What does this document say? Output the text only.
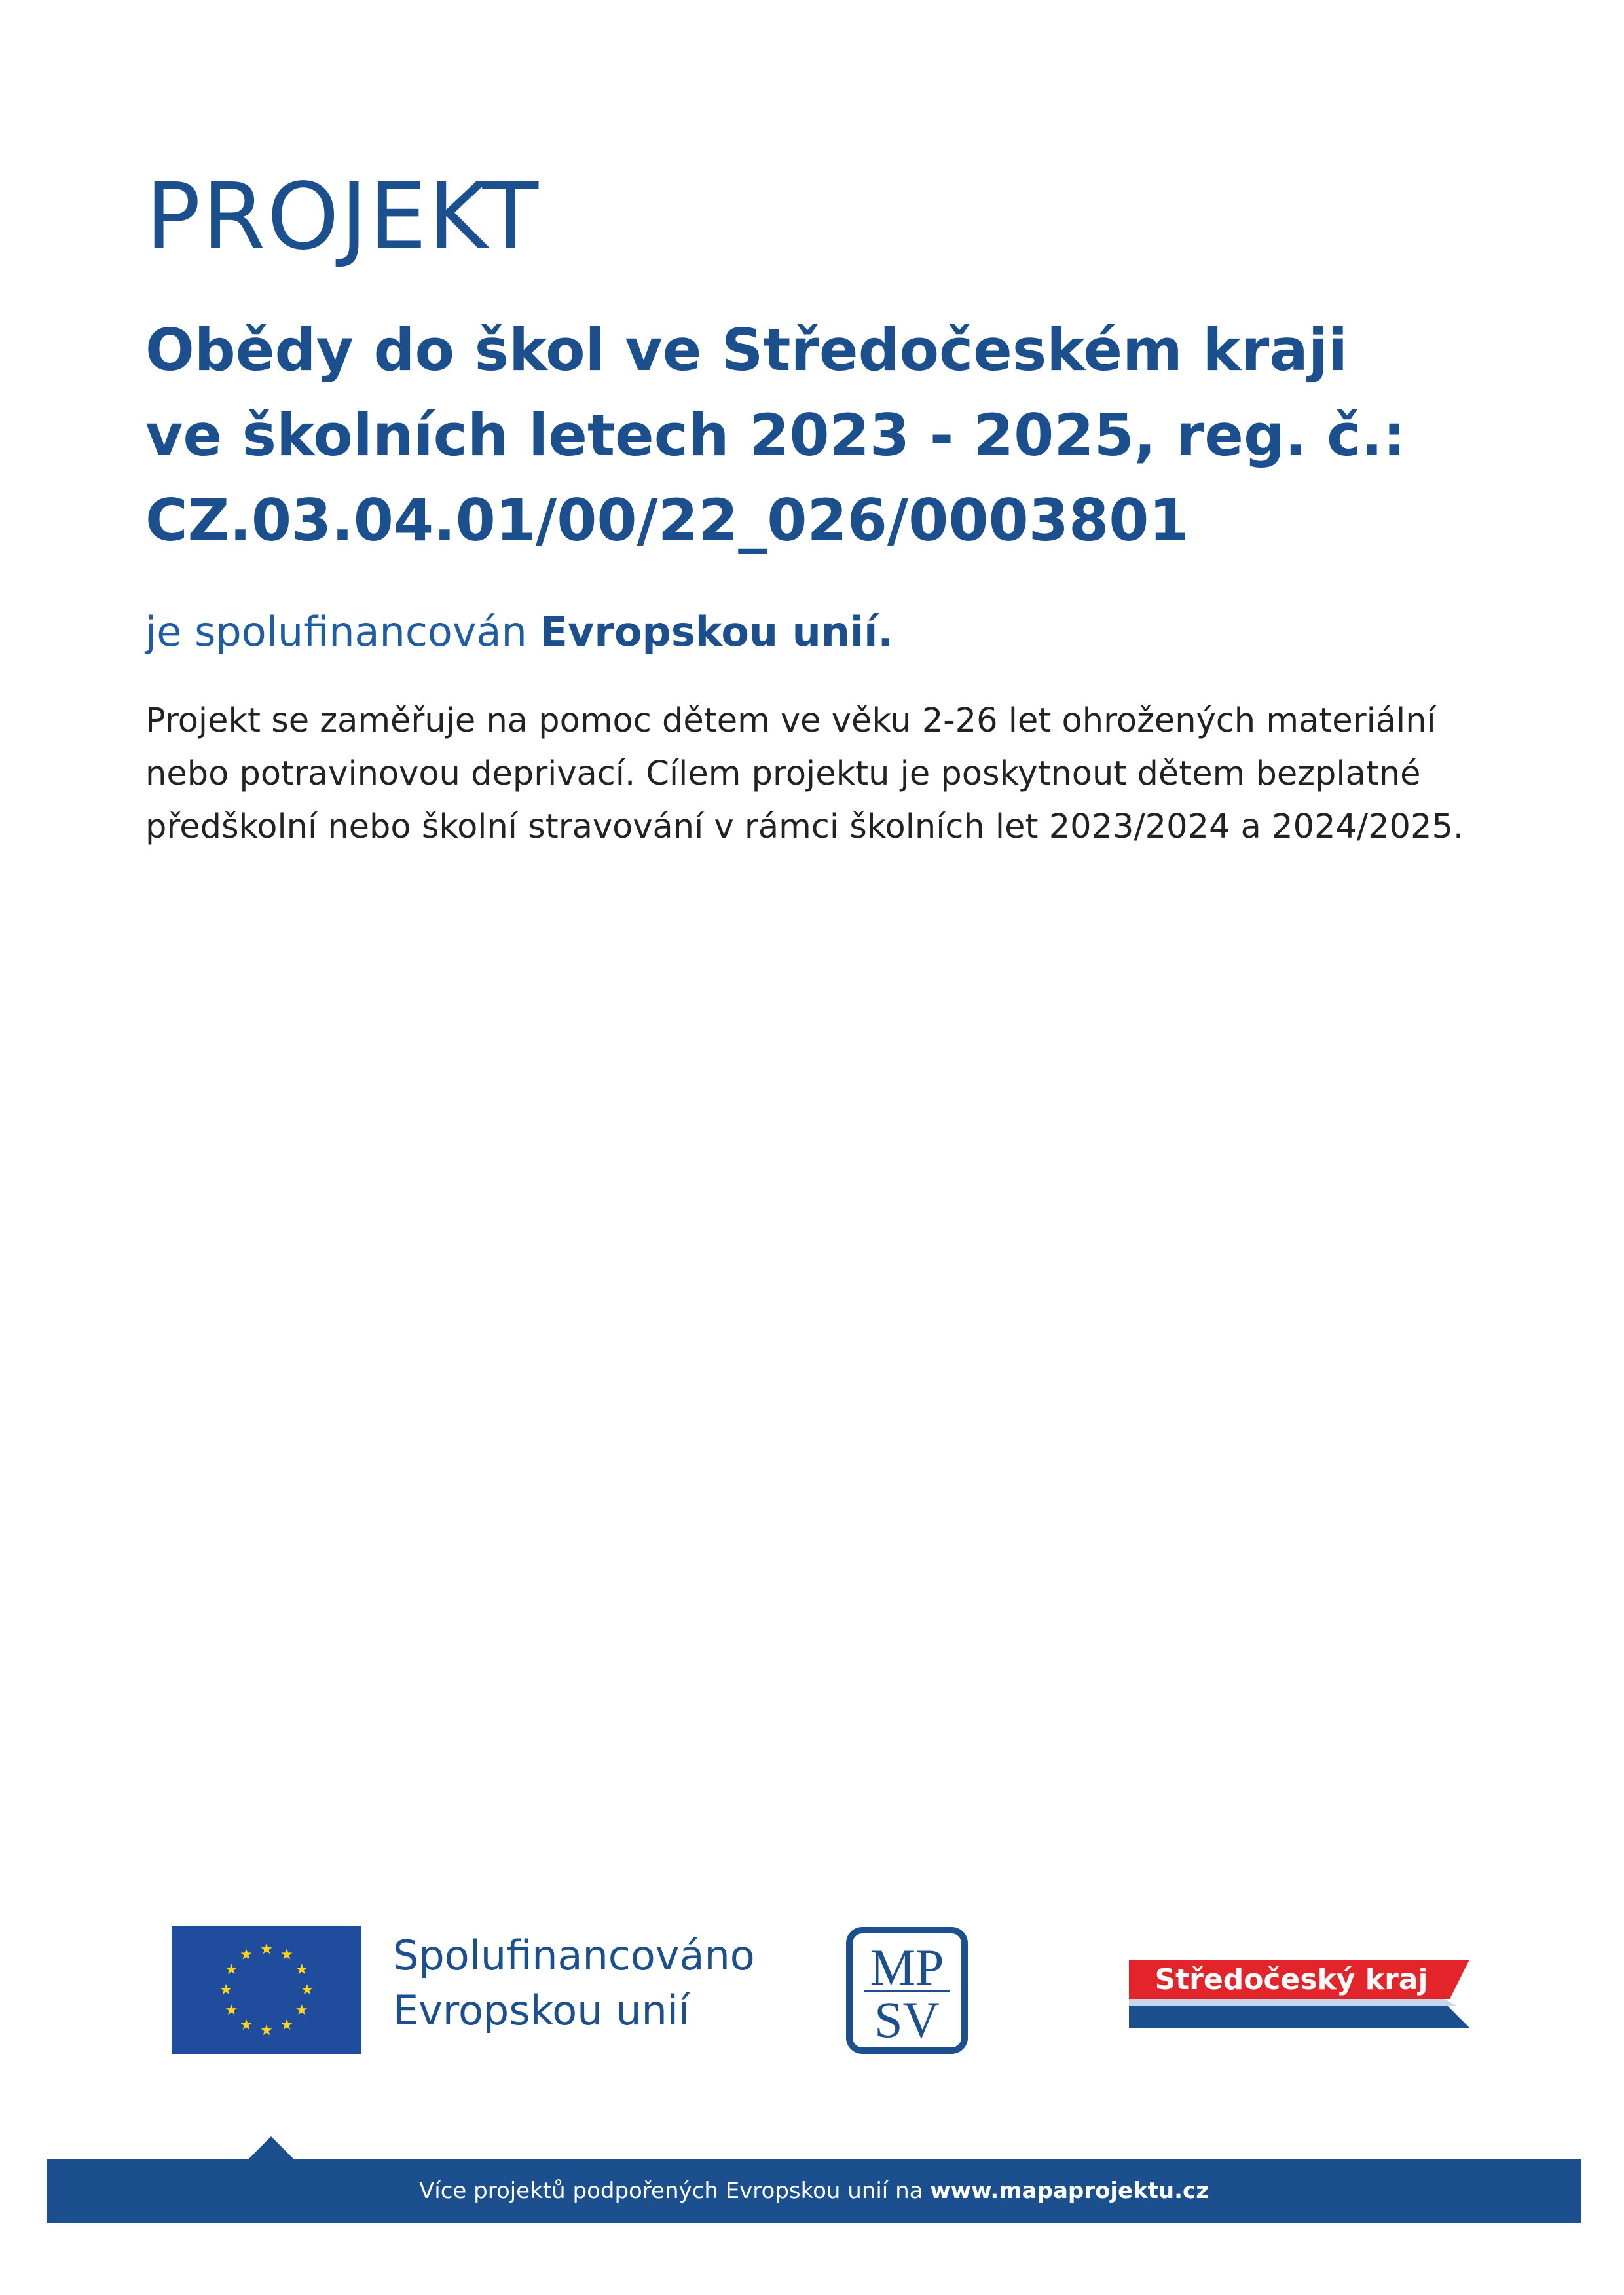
PROJEKT
Obědy do škol ve Středočeském kraji
ve školních letech 2023 - 2025, reg. č.:
CZ.03.04.01/00/22_026/0003801
je spolufinancován Evropskou unií.
Projekt se zaměřuje na pomoc dětem ve věku 2-26 let ohrožených materiální
nebo potravinovou deprivací. Cílem projektu je poskytnout dětem bezplatné
předškolní nebo školní stravování v rámci školních let 2023/2024 a 2024/2025.
Spolufinancováno
Evropskou unií
MP
SV
Středočeský kraj
Více projektů podpořených Evropskou unií na www.mapaprojektu.cz
